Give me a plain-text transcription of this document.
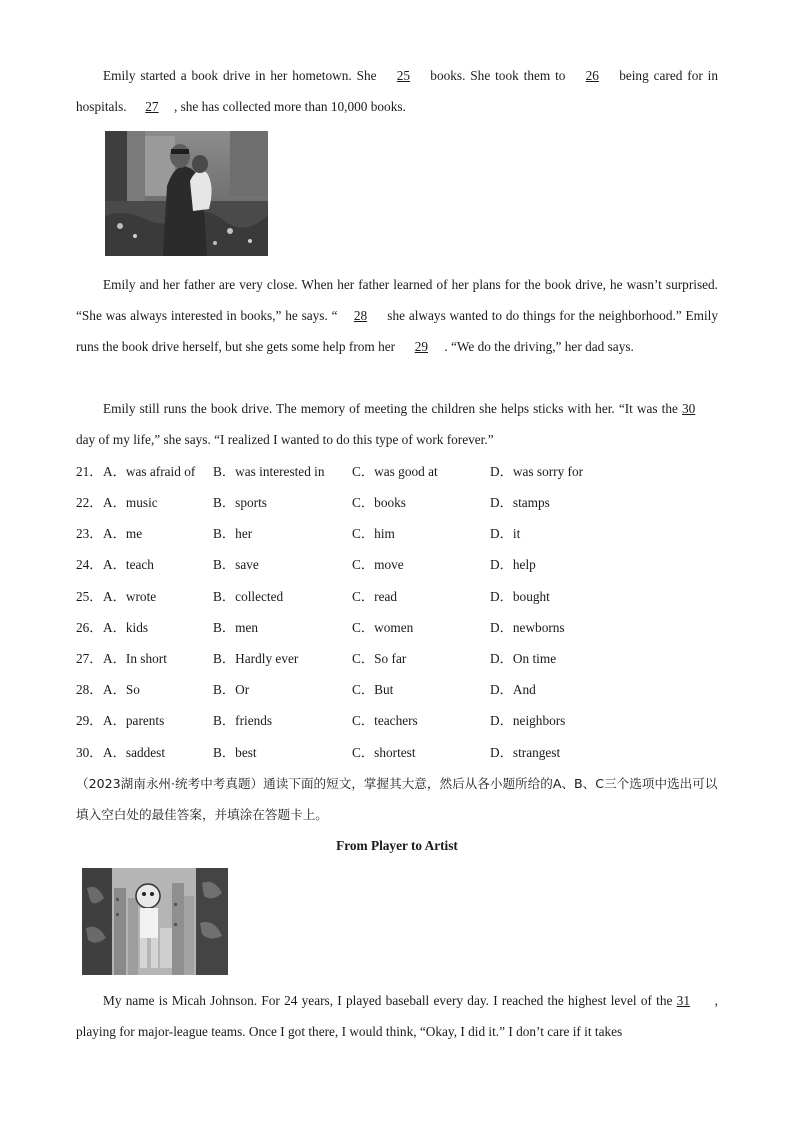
Emily started a book drive in her hometown. She 25 books. She took them to 26 being cared for in hospitals. 27 , she has collected more than 10,000 books.

Emily and her father are very close. When her father learned of her plans for the book drive, he wasn’t surprised. “She was always interested in books,” he says. “ 28 she always wanted to do things for the neighborhood.” Emily runs the book drive herself, but she gets some help from her 29 . “We do the driving,” her dad says.

Emily still runs the book drive. The memory of meeting the children she helps sticks with her. “It was the 30 day of my life,” she says. “I realized I wanted to do this type of work forever.”

21． A．was afraid of B．was interested in C．was good at	D．was sorry for
22． A．music	B．sports	C．books	D．stamps
23． A．me	B．her	C．him	D．it
24． A．teach	B．save	C．move	D．help
25． A．wrote	B．collected	C．read	D．bought
26． A．kids	B．men	C．women	D．newborns
27． A．In short	B．Hardly ever	C．So far	D．On time
28． A．So	B．Or	C．But	D．And
29． A．parents	B．friends	C．teachers	D．neighbors
30． A．saddest	B．best	C．shortest	D．strangest

（2023湖南永州·统考中考真题）通读下面的短文，掌握其大意，然后从各小题所给的A、B、C三个选项中选出可以填入空白处的最佳答案，并填涂在答题卡上。

From Player to Artist

My name is Micah Johnson. For 24 years, I played baseball every day. I reached the highest level of the 31 , playing for major-league teams. Once I got there, I would think, “Okay, I did it.” I don’t care if it takes
